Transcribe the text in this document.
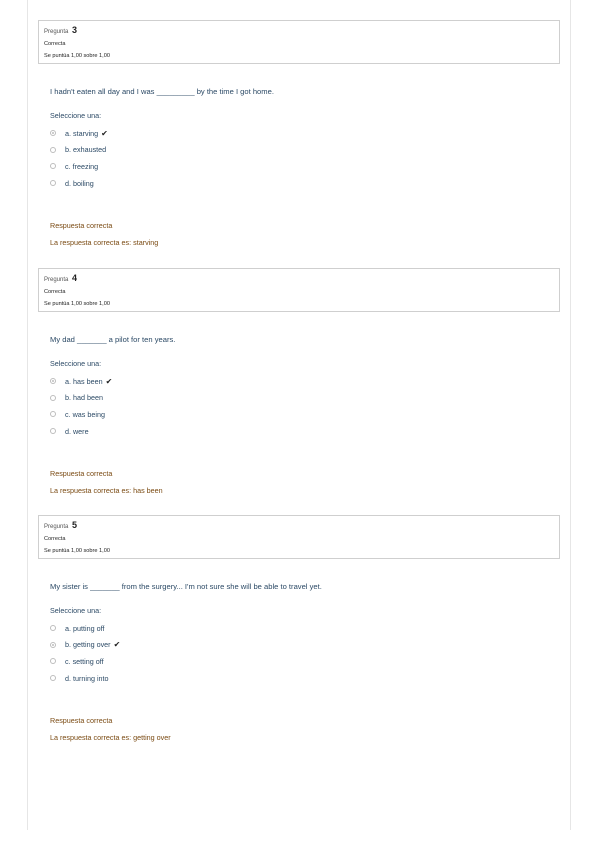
Pregunta 3
Correcta
Se puntúa 1,00 sobre 1,00
I hadn't eaten all day and I was _________ by the time I got home.
Seleccione una:
a. starving ✔
b. exhausted
c. freezing
d. boiling
Respuesta correcta
La respuesta correcta es: starving
Pregunta 4
Correcta
Se puntúa 1,00 sobre 1,00
My dad _______ a pilot for ten years.
Seleccione una:
a. has been ✔
b. had been
c. was being
d. were
Respuesta correcta
La respuesta correcta es: has been
Pregunta 5
Correcta
Se puntúa 1,00 sobre 1,00
My sister is _______ from the surgery... I'm not sure she will be able to travel yet.
Seleccione una:
a. putting off
b. getting over ✔
c. setting off
d. turning into
Respuesta correcta
La respuesta correcta es: getting over
